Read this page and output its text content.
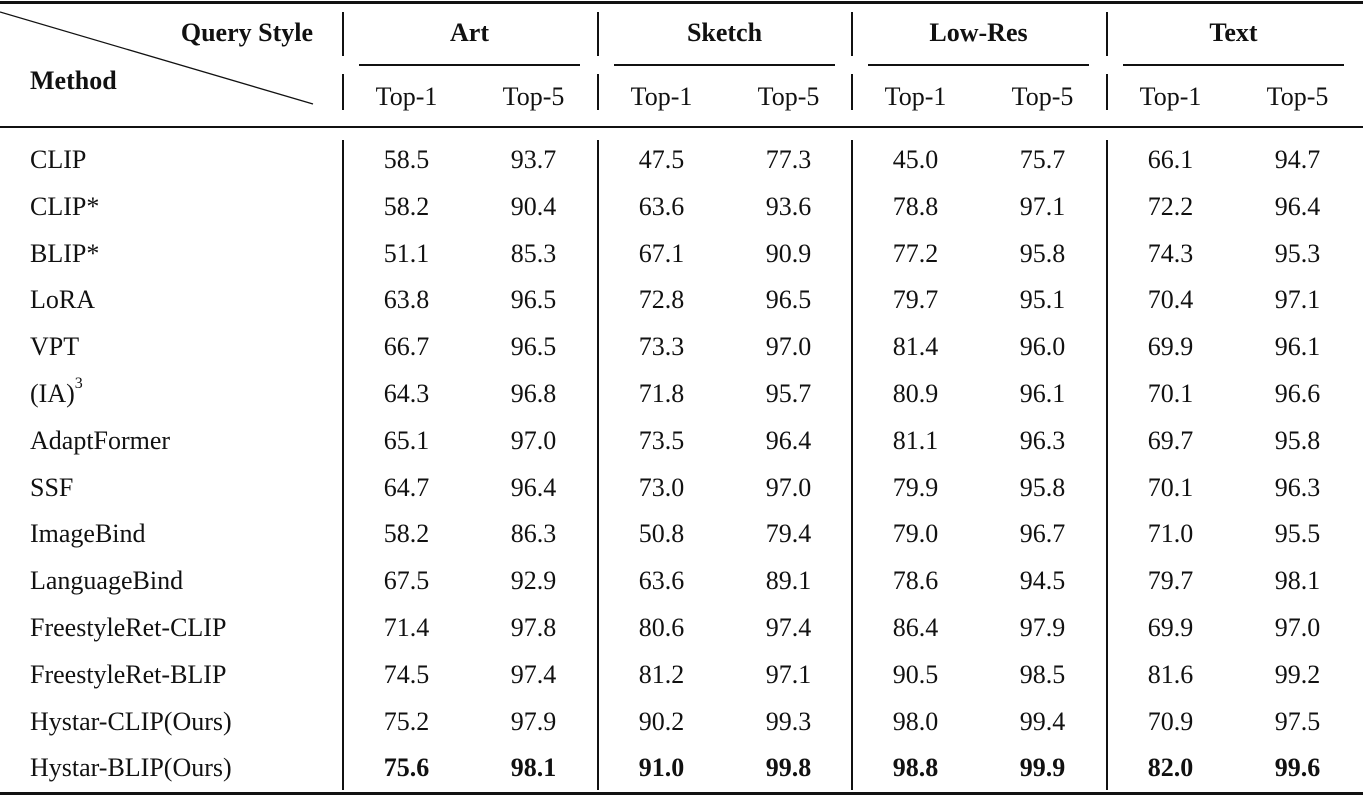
Query Style
Method
Art
Top-1	Top-5
Sketch
Top-1	Top-5
Low-Res
Top-1	Top-5
Text
Top-1	Top-5
CLIP	58.5	93.7	47.5	77.3	45.0	75.7	66.1	94.7
CLIP*	58.2	90.4	63.6	93.6	78.8	97.1	72.2	96.4
BLIP*	51.1	85.3	67.1	90.9	77.2	95.8	74.3	95.3
LoRA	63.8	96.5	72.8	96.5	79.7	95.1	70.4	97.1
VPT	66.7	96.5	73.3	97.0	81.4	96.0	69.9	96.1
(IA)$^3$	64.3	96.8	71.8	95.7	80.9	96.1	70.1	96.6
AdaptFormer	65.1	97.0	73.5	96.4	81.1	96.3	69.7	95.8
SSF	64.7	96.4	73.0	97.0	79.9	95.8	70.1	96.3
ImageBind	58.2	86.3	50.8	79.4	79.0	96.7	71.0	95.5
LanguageBind	67.5	92.9	63.6	89.1	78.6	94.5	79.7	98.1
FreestyleRet-CLIP	71.4	97.8	80.6	97.4	86.4	97.9	69.9	97.0
FreestyleRet-BLIP	74.5	97.4	81.2	97.1	90.5	98.5	81.6	99.2
Hystar-CLIP(Ours)	75.2	97.9	90.2	99.3	98.0	99.4	70.9	97.5
Hystar-BLIP(Ours)	75.6	98.1	91.0	99.8	98.8	99.9	82.0	99.6
